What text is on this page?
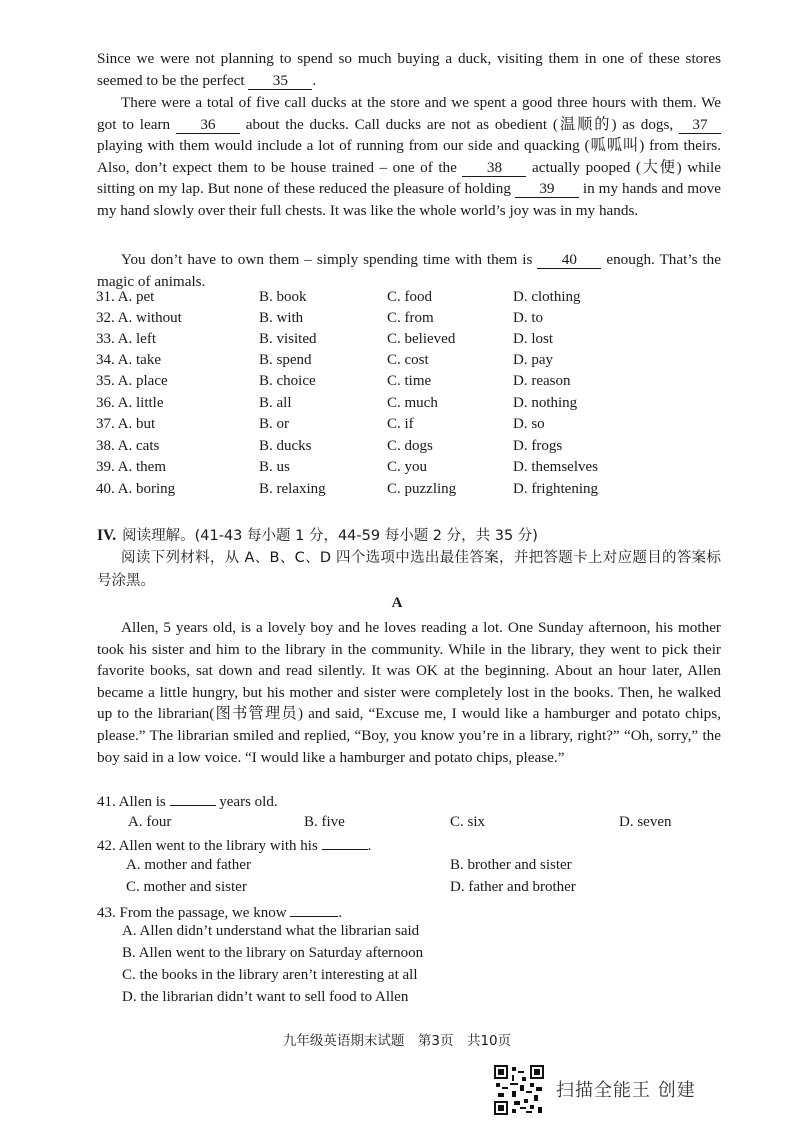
Since we were not planning to spend so much buying a duck, visiting them in one of these stores seemed to be the perfect 35 .
There were a total of five call ducks at the store and we spent a good three hours with them. We got to learn 36 about the ducks. Call ducks are not as obedient (温顺的) as dogs, 37 playing with them would include a lot of running from our side and quacking (呱呱叫) from theirs. Also, don’t expect them to be house trained – one of the 38 actually pooped (大便) while sitting on my lap. But none of these reduced the pleasure of holding 39 in my hands and move my hand slowly over their full chests. It was like the whole world’s joy was in my hands.
You don’t have to own them – simply spending time with them is 40 enough. That’s the magic of animals.
31. A. pet	B. book	C. food	D. clothing
32. A. without	B. with	C. from	D. to
33. A. left	B. visited	C. believed	D. lost
34. A. take	B. spend	C. cost	D. pay
35. A. place	B. choice	C. time	D. reason
36. A. little	B. all	C. much	D. nothing
37. A. but	B. or	C. if	D. so
38. A. cats	B. ducks	C. dogs	D. frogs
39. A. them	B. us	C. you	D. themselves
40. A. boring	B. relaxing	C. puzzling	D. frightening
IV. 阅读理解。(41-43 每小题 1 分，44-59 每小题 2 分，共 35 分)
阅读下列材料，从 A、B、C、D 四个选项中选出最佳答案，并把答题卡上对应题目的答案标号涂黑。
A
Allen, 5 years old, is a lovely boy and he loves reading a lot. One Sunday afternoon, his mother took his sister and him to the library in the community. While in the library, they went to pick their favorite books, sat down and read silently. It was OK at the beginning. About an hour later, Allen became a little hungry, but his mother and sister were completely lost in the books. Then, he walked up to the librarian(图书管理员) and said, “Excuse me, I would like a hamburger and potato chips, please.” The librarian smiled and replied, “Boy, you know you’re in a library, right?” “Oh, sorry,” the boy said in a low voice. “I would like a hamburger and potato chips, please.”
41. Allen is	years old.
A. four	B. five	C. six	D. seven
42. Allen went to the library with his	.
A. mother and father	B. brother and sister
C. mother and sister	D. father and brother
43. From the passage, we know	.
A. Allen didn’t understand what the librarian said
B. Allen went to the library on Saturday afternoon
C. the books in the library aren’t interesting at all
D. the librarian didn’t want to sell food to Allen
九年级英语期末试题　第3页　共10页
扫描全能王 创建
